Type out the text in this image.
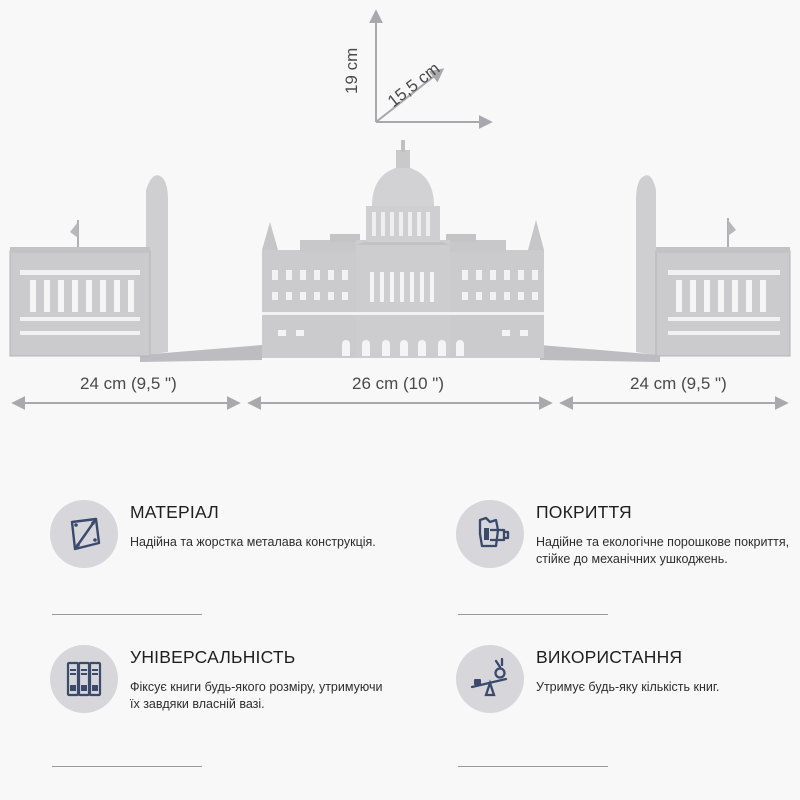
19 cm 15,5 cm
24 cm (9,5 ")	26 cm (10 ")	24 cm (9,5 ")
МАТЕРІАЛ
Надійна та жорстка металава конструкція.
ПОКРИТТЯ
Надійне та екологічне порошкове покриття, стійке до механічних ушкоджень.
УНІВЕРСАЛЬНІСТЬ
Фіксує книги будь-якого розміру, утримуючи їх завдяки власній вазі.
ВИКОРИСТАННЯ
Утримує будь-яку кількість книг.
